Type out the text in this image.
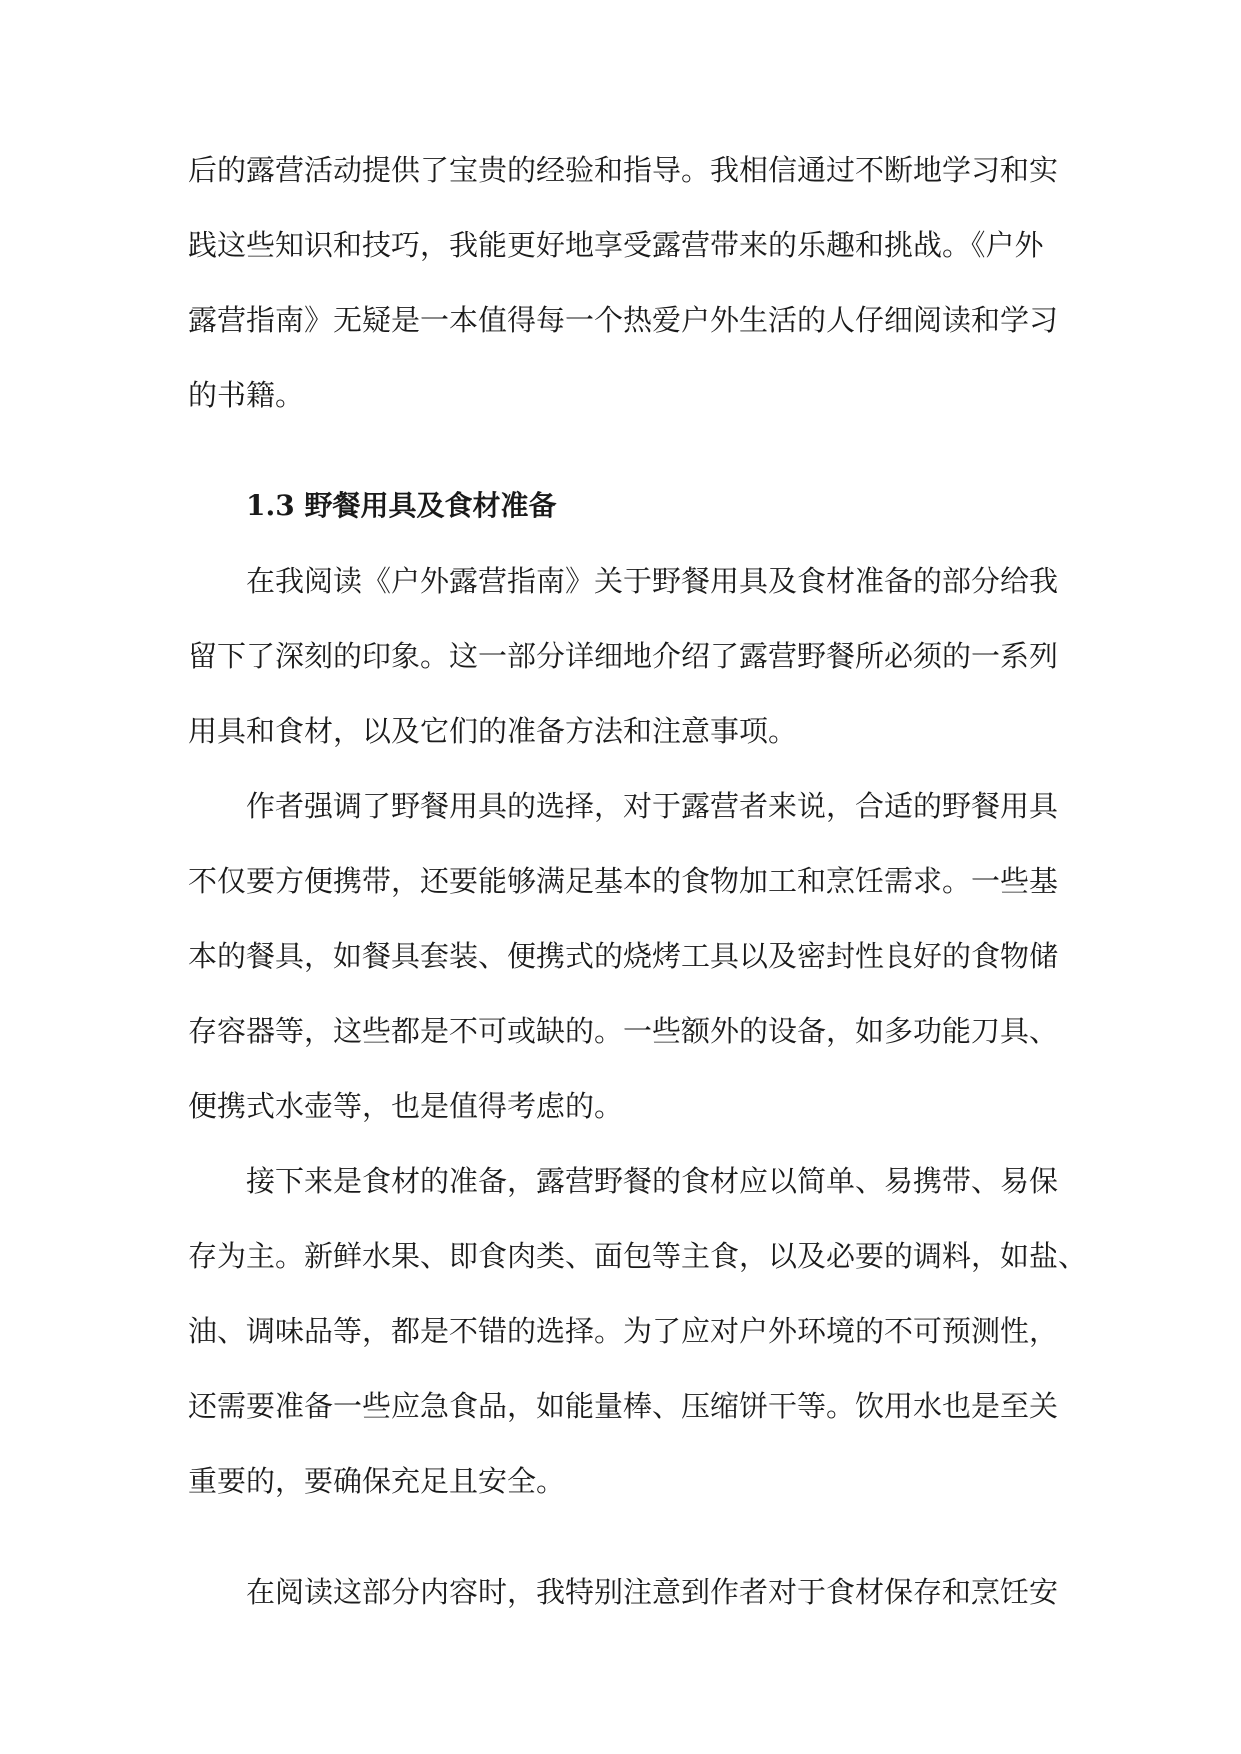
后的露营活动提供了宝贵的经验和指导。我相信通过不断地学习和实
践这些知识和技巧，我能更好地享受露营带来的乐趣和挑战。《户外
露营指南》无疑是一本值得每一个热爱户外生活的人仔细阅读和学习
的书籍。
1.3 野餐用具及食材准备
在我阅读《户外露营指南》关于野餐用具及食材准备的部分给我
留下了深刻的印象。这一部分详细地介绍了露营野餐所必须的一系列
用具和食材，以及它们的准备方法和注意事项。
作者强调了野餐用具的选择，对于露营者来说，合适的野餐用具
不仅要方便携带，还要能够满足基本的食物加工和烹饪需求。一些基
本的餐具，如餐具套装、便携式的烧烤工具以及密封性良好的食物储
存容器等，这些都是不可或缺的。一些额外的设备，如多功能刀具、
便携式水壶等，也是值得考虑的。
接下来是食材的准备，露营野餐的食材应以简单、易携带、易保
存为主。新鲜水果、即食肉类、面包等主食，以及必要的调料，如盐、
油、调味品等，都是不错的选择。为了应对户外环境的不可预测性，
还需要准备一些应急食品，如能量棒、压缩饼干等。饮用水也是至关
重要的，要确保充足且安全。
在阅读这部分内容时，我特别注意到作者对于食材保存和烹饪安
